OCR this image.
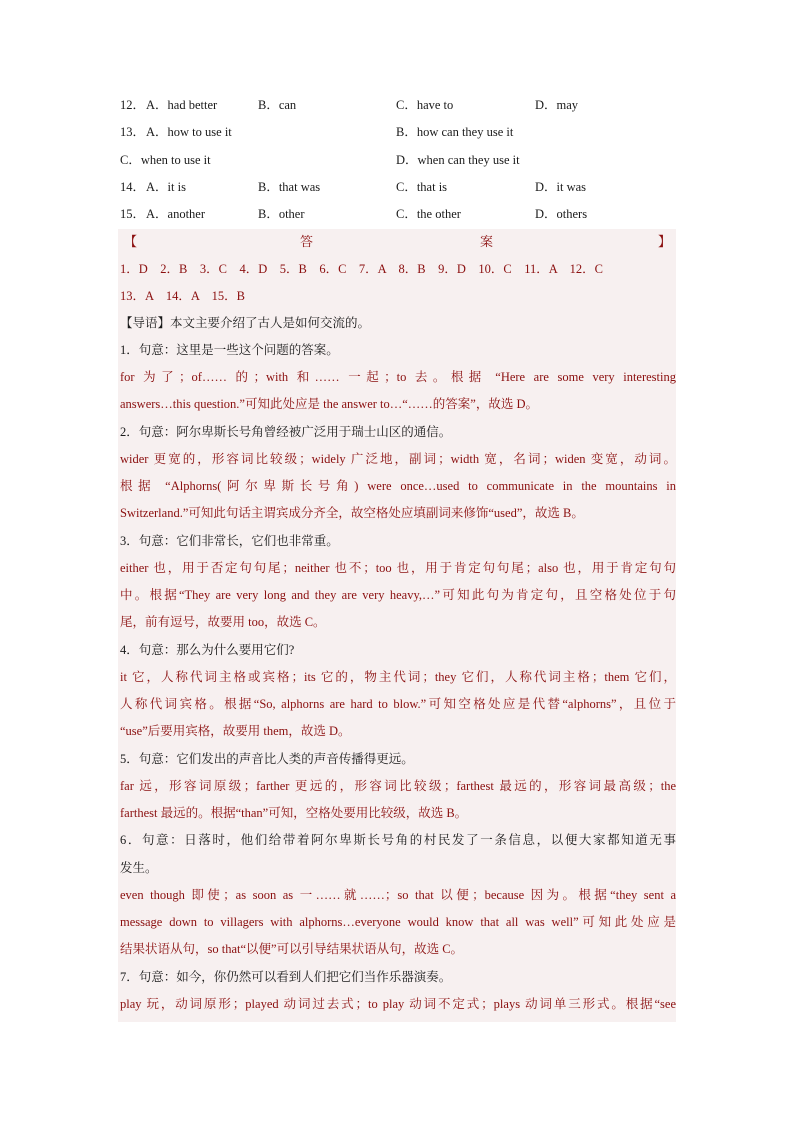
12． A．had better	B．can	C．have to	D．may
13． A．how to use it	B．how can they use it
C．when to use it	D．when can they use it
14． A．it is	B．that was	C．that is	D．it was
15． A．another	B．other	C．the other	D．others
【	答	案	】
1．D　2．B　3．C　4．D　5．B　6．C　7．A　8．B　9．D　10．C　11．A　12．C
13．A　14．A　15．B
【导语】本文主要介绍了古人是如何交流的。
1．句意：这里是一些这个问题的答案。
for 为了；of…… 的；with 和…… 一起；to 去。根据 “Here are some very interesting
answers…this question.”可知此处应是 the answer to…“……的答案”，故选 D。
2．句意：阿尔卑斯长号角曾经被广泛用于瑞士山区的通信。
wider 更宽的，形容词比较级；widely 广泛地，副词；width 宽，名词；widen 变宽，动词。
根据 “Alphorns(阿尔卑斯长号角) were once…used to communicate in the mountains in
Switzerland.”可知此句话主谓宾成分齐全，故空格处应填副词来修饰“used”，故选 B。
3．句意：它们非常长，它们也非常重。
either 也，用于否定句句尾；neither 也不；too 也，用于肯定句句尾；also 也，用于肯定句句
中。根据“They are very long and they are very heavy,…”可知此句为肯定句，且空格处位于句
尾，前有逗号，故要用 too，故选 C。
4．句意：那么为什么要用它们?
it 它，人称代词主格或宾格；its 它的，物主代词；they 它们，人称代词主格；them 它们，
人称代词宾格。根据“So, alphorns are hard to blow.”可知空格处应是代替“alphorns”，且位于
“use”后要用宾格，故要用 them，故选 D。
5．句意：它们发出的声音比人类的声音传播得更远。
far 远，形容词原级；farther 更远的，形容词比较级；farthest 最远的，形容词最高级；the
farthest 最远的。根据“than”可知，空格处要用比较级，故选 B。
6．句意：日落时，他们给带着阿尔卑斯长号角的村民发了一条信息，以便大家都知道无事
发生。
even though 即使；as soon as 一……就……；so that 以便；because 因为。根据“they sent a
message down to villagers with alphorns…everyone would know that all was well”可知此处应是
结果状语从句，so that“以便”可以引导结果状语从句，故选 C。
7．句意：如今，你仍然可以看到人们把它们当作乐器演奏。
play 玩，动词原形；played 动词过去式；to play 动词不定式；plays 动词单三形式。根据“see
